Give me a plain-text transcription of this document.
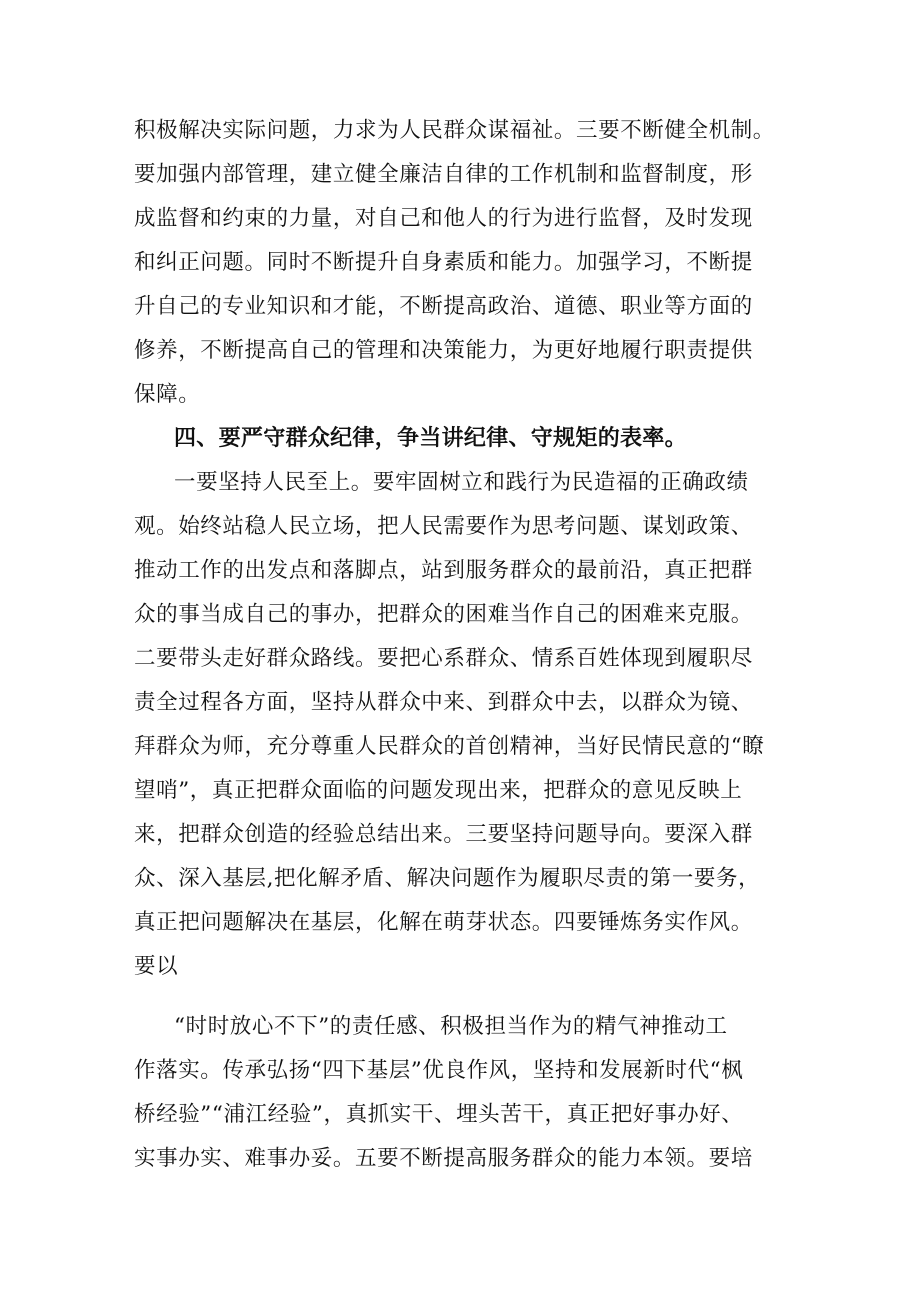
积极解决实际问题，力求为人民群众谋福祉。三要不断健全机制。
要加强内部管理，建立健全廉洁自律的工作机制和监督制度，形
成监督和约束的力量，对自己和他人的行为进行监督，及时发现
和纠正问题。同时不断提升自身素质和能力。加强学习，不断提
升自己的专业知识和才能，不断提高政治、道德、职业等方面的
修养，不断提高自己的管理和决策能力，为更好地履行职责提供
保障。
四、要严守群众纪律，争当讲纪律、守规矩的表率。
一要坚持人民至上。要牢固树立和践行为民造福的正确政绩
观。始终站稳人民立场，把人民需要作为思考问题、谋划政策、
推动工作的出发点和落脚点，站到服务群众的最前沿，真正把群
众的事当成自己的事办，把群众的困难当作自己的困难来克服。
二要带头走好群众路线。要把心系群众、情系百姓体现到履职尽
责全过程各方面，坚持从群众中来、到群众中去，以群众为镜、
拜群众为师，充分尊重人民群众的首创精神，当好民情民意的“瞭
望哨”，真正把群众面临的问题发现出来，把群众的意见反映上
来，把群众创造的经验总结出来。三要坚持问题导向。要深入群
众、深入基层,把化解矛盾、解决问题作为履职尽责的第一要务，
真正把问题解决在基层，化解在萌芽状态。四要锤炼务实作风。
要以
“时时放心不下”的责任感、积极担当作为的精气神推动工
作落实。传承弘扬“四下基层”优良作风，坚持和发展新时代“枫
桥经验”“浦江经验”，真抓实干、埋头苦干，真正把好事办好、
实事办实、难事办妥。五要不断提高服务群众的能力本领。要培
